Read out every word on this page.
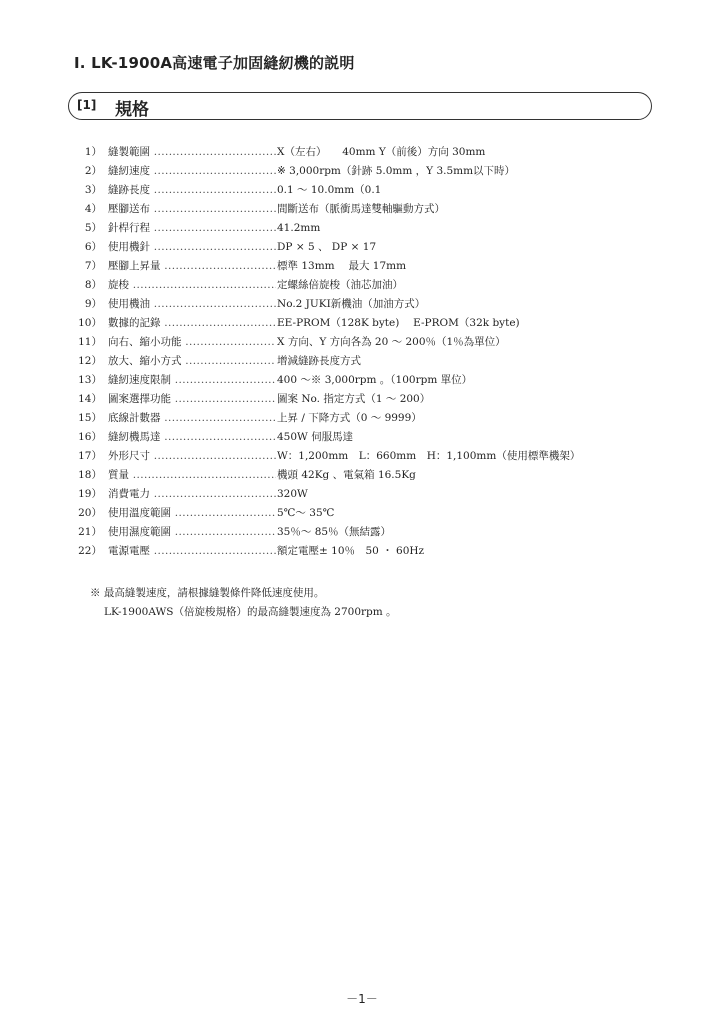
Ⅰ. LK-1900A高速電子加固縫紉機的説明
[1] 規格
1） 縫製範圍 .....	X（左右）　　40mm Y（前後）方向 30mm
2） 縫紉速度 .....	※ 3,000rpm（針跡 5.0mm ，Y 3.5mm以下時）
3） 縫跡長度 .....	0.1 ～ 10.0mm（0.1
4） 壓腳送布 .....	間斷送布（脈衝馬達雙軸驅動方式）
5） 針桿行程 .....	41.2mm
6） 使用機針 .....	DP × 5 、 DP × 17
7） 壓腳上昇量 .....	標準 13mm　 最大 17mm
8） 旋梭 .....	定螺絲倍旋梭（油芯加油）
9） 使用機油 .....	No.2 JUKI新機油（加油方式）
10） 數據的記錄 .....	EE-PROM（128K byte)　 E-PROM（32k byte)
11） 向右、縮小功能 .....	X 方向、Y 方向各為 20 ～ 200％（1％為單位）
12） 放大、縮小方式 .....	增減縫跡長度方式
13） 縫紉速度限制 .....	400 ～※ 3,000rpm 。（100rpm 單位）
14） 圖案選擇功能 .....	圖案 No. 指定方式（1 ～ 200）
15） 底線計數器 .....	上昇 / 下降方式（0 ～ 9999）
16） 縫紉機馬達 .....	450W 伺服馬達
17） 外形尺寸 .....	W：1,200mm　L：660mm　H：1,100mm（使用標準機架）
18） 質量 .....	機頭 42Kg 、電氣箱 16.5Kg
19） 消費電力 .....	320W
20） 使用溫度範圍 .....	5℃～ 35℃
21） 使用濕度範圍 .....	35％～ 85％（無結露）
22） 電源電壓 .....	額定電壓± 10％　50 ・ 60Hz
※ 最高縫製速度，請根據縫製條件降低速度使用。
LK-1900AWS（倍旋梭規格）的最高縫製速度為 2700rpm 。
－1－
